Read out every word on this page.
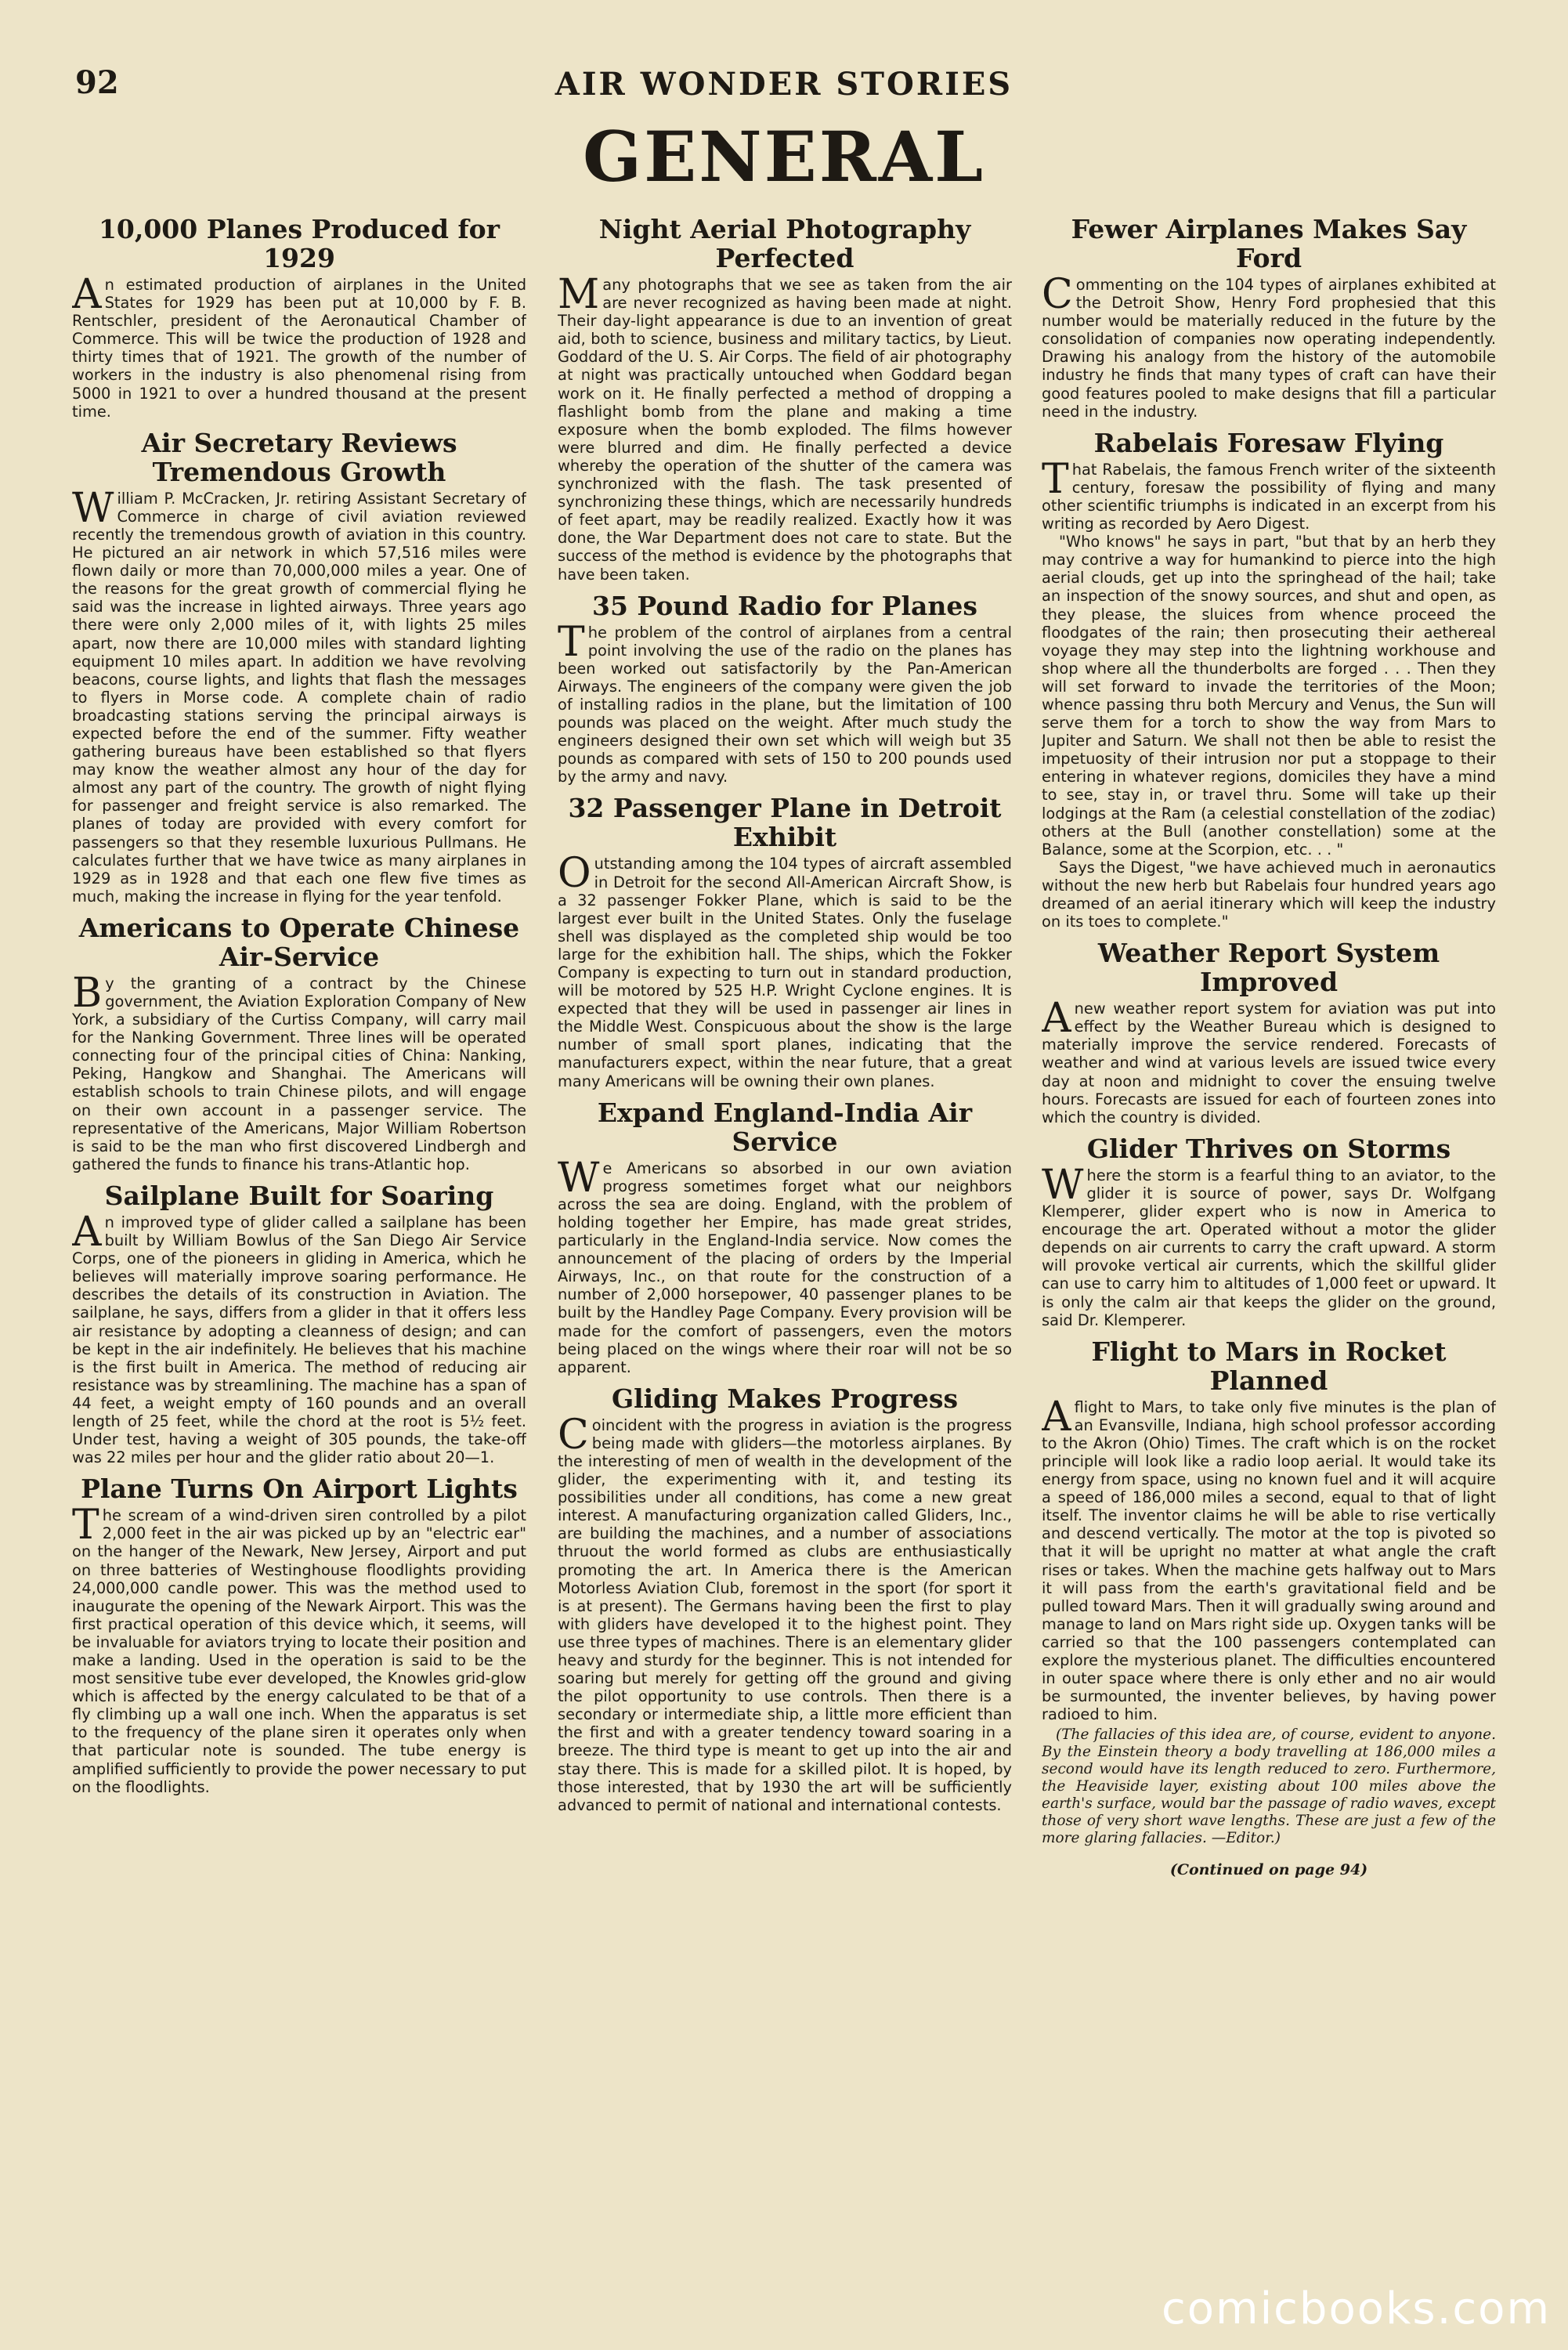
92	AIR WONDER STORIES
GENERAL
10,000 Planes Produced for 1929

An estimated production of airplanes in the United States for 1929 has been put at 10,000 by F. B. Rentschler, president of the Aeronautical Chamber of Commerce. This will be twice the production of 1928 and thirty times that of 1921. The growth of the number of workers in the industry is also phenomenal rising from 5000 in 1921 to over a hundred thousand at the present time.

Air Secretary Reviews Tremendous Growth

William P. McCracken, Jr. retiring Assistant Secretary of Commerce in charge of civil aviation reviewed recently the tremendous growth of aviation in this country. He pictured an air network in which 57,516 miles were flown daily or more than 70,000,000 miles a year. One of the reasons for the great growth of commercial flying he said was the increase in lighted airways. Three years ago there were only 2,000 miles of it, with lights 25 miles apart, now there are 10,000 miles with standard lighting equipment 10 miles apart. In addition we have revolving beacons, course lights, and lights that flash the messages to flyers in Morse code. A complete chain of radio broadcasting stations serving the principal airways is expected before the end of the summer. Fifty weather gathering bureaus have been established so that flyers may know the weather almost any hour of the day for almost any part of the country. The growth of night flying for passenger and freight service is also remarked. The planes of today are provided with every comfort for passengers so that they resemble luxurious Pullmans. He calculates further that we have twice as many airplanes in 1929 as in 1928 and that each one flew five times as much, making the increase in flying for the year tenfold.

Americans to Operate Chinese Air-Service

By the granting of a contract by the Chinese government, the Aviation Exploration Company of New York, a subsidiary of the Curtiss Company, will carry mail for the Nanking Government. Three lines will be operated connecting four of the principal cities of China: Nanking, Peking, Hangkow and Shanghai. The Americans will establish schools to train Chinese pilots, and will engage on their own account in a passenger service. The representative of the Americans, Major William Robertson is said to be the man who first discovered Lindbergh and gathered the funds to finance his trans-Atlantic hop.

Sailplane Built for Soaring

An improved type of glider called a sailplane has been built by William Bowlus of the San Diego Air Service Corps, one of the pioneers in gliding in America, which he believes will materially improve soaring performance. He describes the details of its construction in Aviation. The sailplane, he says, differs from a glider in that it offers less air resistance by adopting a cleanness of design; and can be kept in the air indefinitely. He believes that his machine is the first built in America. The method of reducing air resistance was by streamlining. The machine has a span of 44 feet, a weight empty of 160 pounds and an overall length of 25 feet, while the chord at the root is 5½ feet. Under test, having a weight of 305 pounds, the take-off was 22 miles per hour and the glider ratio about 20—1.

Plane Turns On Airport Lights

The scream of a wind-driven siren controlled by a pilot 2,000 feet in the air was picked up by an "electric ear" on the hanger of the Newark, New Jersey, Airport and put on three batteries of Westinghouse floodlights providing 24,000,000 candle power. This was the method used to inaugurate the opening of the Newark Airport. This was the first practical operation of this device which, it seems, will be invaluable for aviators trying to locate their position and make a landing. Used in the operation is said to be the most sensitive tube ever developed, the Knowles grid-glow which is affected by the energy calculated to be that of a fly climbing up a wall one inch. When the apparatus is set to the frequency of the plane siren it operates only when that particular note is sounded. The tube energy is amplified sufficiently to provide the power necessary to put on the floodlights.

Night Aerial Photography Perfected

Many photographs that we see as taken from the air are never recognized as having been made at night. Their day-light appearance is due to an invention of great aid, both to science, business and military tactics, by Lieut. Goddard of the U. S. Air Corps. The field of air photography at night was practically untouched when Goddard began work on it. He finally perfected a method of dropping a flashlight bomb from the plane and making a time exposure when the bomb exploded. The films however were blurred and dim. He finally perfected a device whereby the operation of the shutter of the camera was synchronized with the flash. The task presented of synchronizing these things, which are necessarily hundreds of feet apart, may be readily realized. Exactly how it was done, the War Department does not care to state. But the success of the method is evidence by the photographs that have been taken.

35 Pound Radio for Planes

The problem of the control of airplanes from a central point involving the use of the radio on the planes has been worked out satisfactorily by the Pan-American Airways. The engineers of the company were given the job of installing radios in the plane, but the limitation of 100 pounds was placed on the weight. After much study the engineers designed their own set which will weigh but 35 pounds as compared with sets of 150 to 200 pounds used by the army and navy.

32 Passenger Plane in Detroit Exhibit

Outstanding among the 104 types of aircraft assembled in Detroit for the second All-American Aircraft Show, is a 32 passenger Fokker Plane, which is said to be the largest ever built in the United States. Only the fuselage shell was displayed as the completed ship would be too large for the exhibition hall. The ships, which the Fokker Company is expecting to turn out in standard production, will be motored by 525 H.P. Wright Cyclone engines. It is expected that they will be used in passenger air lines in the Middle West. Conspicuous about the show is the large number of small sport planes, indicating that the manufacturers expect, within the near future, that a great many Americans will be owning their own planes.

Expand England-India Air Service

We Americans so absorbed in our own aviation progress sometimes forget what our neighbors across the sea are doing. England, with the problem of holding together her Empire, has made great strides, particularly in the England-India service. Now comes the announcement of the placing of orders by the Imperial Airways, Inc., on that route for the construction of a number of 2,000 horsepower, 40 passenger planes to be built by the Handley Page Company. Every provision will be made for the comfort of passengers, even the motors being placed on the wings where their roar will not be so apparent.

Gliding Makes Progress

Coincident with the progress in aviation is the progress being made with gliders—the motorless airplanes. By the interesting of men of wealth in the development of the glider, the experimenting with it, and testing its possibilities under all conditions, has come a new great interest. A manufacturing organization called Gliders, Inc., are building the machines, and a number of associations thruout the world formed as clubs are enthusiastically promoting the art. In America there is the American Motorless Aviation Club, foremost in the sport (for sport it is at present). The Germans having been the first to play with gliders have developed it to the highest point. They use three types of machines. There is an elementary glider heavy and sturdy for the beginner. This is not intended for soaring but merely for getting off the ground and giving the pilot opportunity to use controls. Then there is a secondary or intermediate ship, a little more efficient than the first and with a greater tendency toward soaring in a breeze. The third type is meant to get up into the air and stay there. This is made for a skilled pilot. It is hoped, by those interested, that by 1930 the art will be sufficiently advanced to permit of national and international contests.

Fewer Airplanes Makes Say Ford

Commenting on the 104 types of airplanes exhibited at the Detroit Show, Henry Ford prophesied that this number would be materially reduced in the future by the consolidation of companies now operating independently. Drawing his analogy from the history of the automobile industry he finds that many types of craft can have their good features pooled to make designs that fill a particular need in the industry.

Rabelais Foresaw Flying

That Rabelais, the famous French writer of the sixteenth century, foresaw the possibility of flying and many other scientific triumphs is indicated in an excerpt from his writing as recorded by Aero Digest.

"Who knows" he says in part, "but that by an herb they may contrive a way for humankind to pierce into the high aerial clouds, get up into the springhead of the hail; take an inspection of the snowy sources, and shut and open, as they please, the sluices from whence proceed the floodgates of the rain; then prosecuting their aethereal voyage they may step into the lightning workhouse and shop where all the thunderbolts are forged . . . Then they will set forward to invade the territories of the Moon; whence passing thru both Mercury and Venus, the Sun will serve them for a torch to show the way from Mars to Jupiter and Saturn. We shall not then be able to resist the impetuosity of their intrusion nor put a stoppage to their entering in whatever regions, domiciles they have a mind to see, stay in, or travel thru. Some will take up their lodgings at the Ram (a celestial constellation of the zodiac) others at the Bull (another constellation) some at the Balance, some at the Scorpion, etc. . . "

Says the Digest, "we have achieved much in aeronautics without the new herb but Rabelais four hundred years ago dreamed of an aerial itinerary which will keep the industry on its toes to complete."

Weather Report System Improved

Anew weather report system for aviation was put into effect by the Weather Bureau which is designed to materially improve the service rendered. Forecasts of weather and wind at various levels are issued twice every day at noon and midnight to cover the ensuing twelve hours. Forecasts are issued for each of fourteen zones into which the country is divided.

Glider Thrives on Storms

Where the storm is a fearful thing to an aviator, to the glider it is source of power, says Dr. Wolfgang Klemperer, glider expert who is now in America to encourage the art. Operated without a motor the glider depends on air currents to carry the craft upward. A storm will provoke vertical air currents, which the skillful glider can use to carry him to altitudes of 1,000 feet or upward. It is only the calm air that keeps the glider on the ground, said Dr. Klemperer.

Flight to Mars in Rocket Planned

Aflight to Mars, to take only five minutes is the plan of an Evansville, Indiana, high school professor according to the Akron (Ohio) Times. The craft which is on the rocket principle will look like a radio loop aerial. It would take its energy from space, using no known fuel and it will acquire a speed of 186,000 miles a second, equal to that of light itself. The inventor claims he will be able to rise vertically and descend vertically. The motor at the top is pivoted so that it will be upright no matter at what angle the craft rises or takes. When the machine gets halfway out to Mars it will pass from the earth's gravitational field and be pulled toward Mars. Then it will gradually swing around and manage to land on Mars right side up. Oxygen tanks will be carried so that the 100 passengers contemplated can explore the mysterious planet. The difficulties encountered in outer space where there is only ether and no air would be surmounted, the inventer believes, by having power radioed to him.

(The fallacies of this idea are, of course, evident to anyone. By the Einstein theory a body travelling at 186,000 miles a second would have its length reduced to zero. Furthermore, the Heaviside layer, existing about 100 miles above the earth's surface, would bar the passage of radio waves, except those of very short wave lengths. These are just a few of the more glaring fallacies. —Editor.)

(Continued on page 94)
comicbooks.com
